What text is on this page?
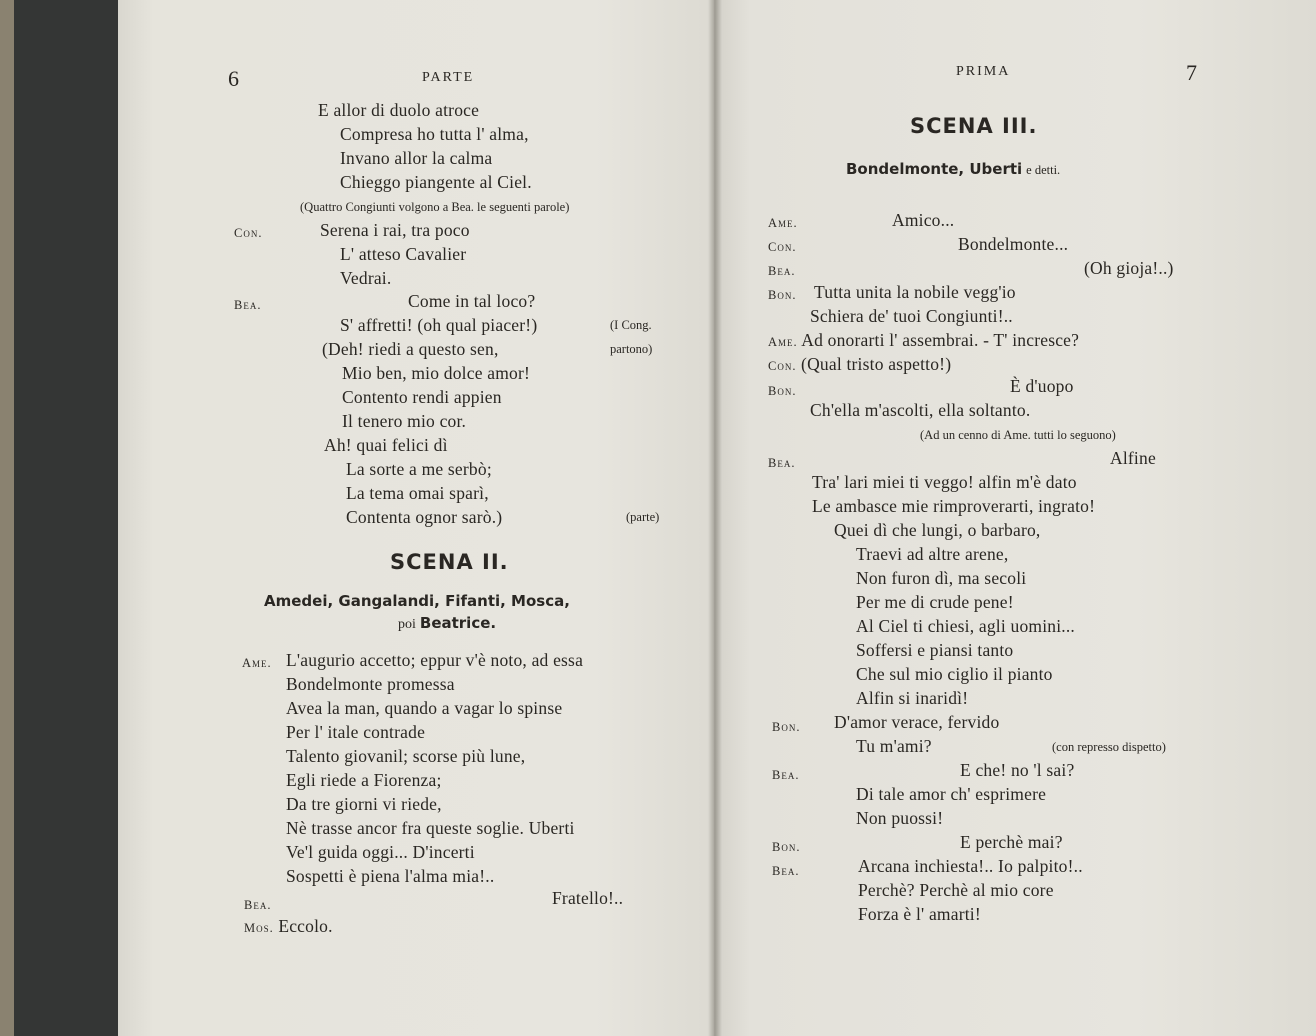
6	PARTE
E allor di duolo atroce
Compresa ho tutta l' alma,
Invano allor la calma
Chieggo piangente al Ciel.
(Quattro Congiunti volgono a Bea. le seguenti parole)
Con.	Serena i rai, tra poco
L' atteso Cavalier
Vedrai.
Bea.	Come in tal loco?
S' affretti! (oh qual piacer!)	(I Cong.
(Deh! riedi a questo sen,	partono)
Mio ben, mio dolce amor!
Contento rendi appien
Il tenero mio cor.
Ah! quai felici dì
La sorte a me serbò;
La tema omai sparì,
Contenta ognor sarò.)	(parte)
SCENA II.
Amedei, Gangalandi, Fifanti, Mosca,
poi Beatrice.
Ame. L'augurio accetto; eppur v'è noto, ad essa
Bondelmonte promessa
Avea la man, quando a vagar lo spinse
Per l' itale contrade
Talento giovanil; scorse più lune,
Egli riede a Fiorenza;
Da tre giorni vi riede,
Nè trasse ancor fra queste soglie. Uberti
Ve'l guida oggi... D'incerti
Sospetti è piena l'alma mia!..
Bea.	Fratello!..
Mos. Eccolo.
PRIMA	7
SCENA III.
Bondelmonte, Uberti e detti.
Ame.	Amico...
Con.	Bondelmonte...
Bea.	(Oh gioja!..)
Bon. Tutta unita la nobile vegg'io
Schiera de' tuoi Congiunti!..
Ame. Ad onorarti l' assembrai. - T' incresce?
Con. (Qual tristo aspetto!)
Bon.	È d'uopo
Ch'ella m'ascolti, ella soltanto.
(Ad un cenno di Ame. tutti lo seguono)
Bea.	Alfine
Tra' lari miei ti veggo! alfin m'è dato
Le ambasce mie rimproverarti, ingrato!
Quei dì che lungi, o barbaro,
Traevi ad altre arene,
Non furon dì, ma secoli
Per me di crude pene!
Al Ciel ti chiesi, agli uomini...
Soffersi e piansi tanto
Che sul mio ciglio il pianto
Alfin si inaridì!
Bon. D'amor verace, fervido
Tu m'ami?	(con represso dispetto)
Bea.	E che! no 'l sai?
Di tale amor ch' esprimere
Non puossi!
Bon.	E perchè mai?
Bea.	Arcana inchiesta!.. Io palpito!..
Perchè? Perchè al mio core
Forza è l' amarti!
